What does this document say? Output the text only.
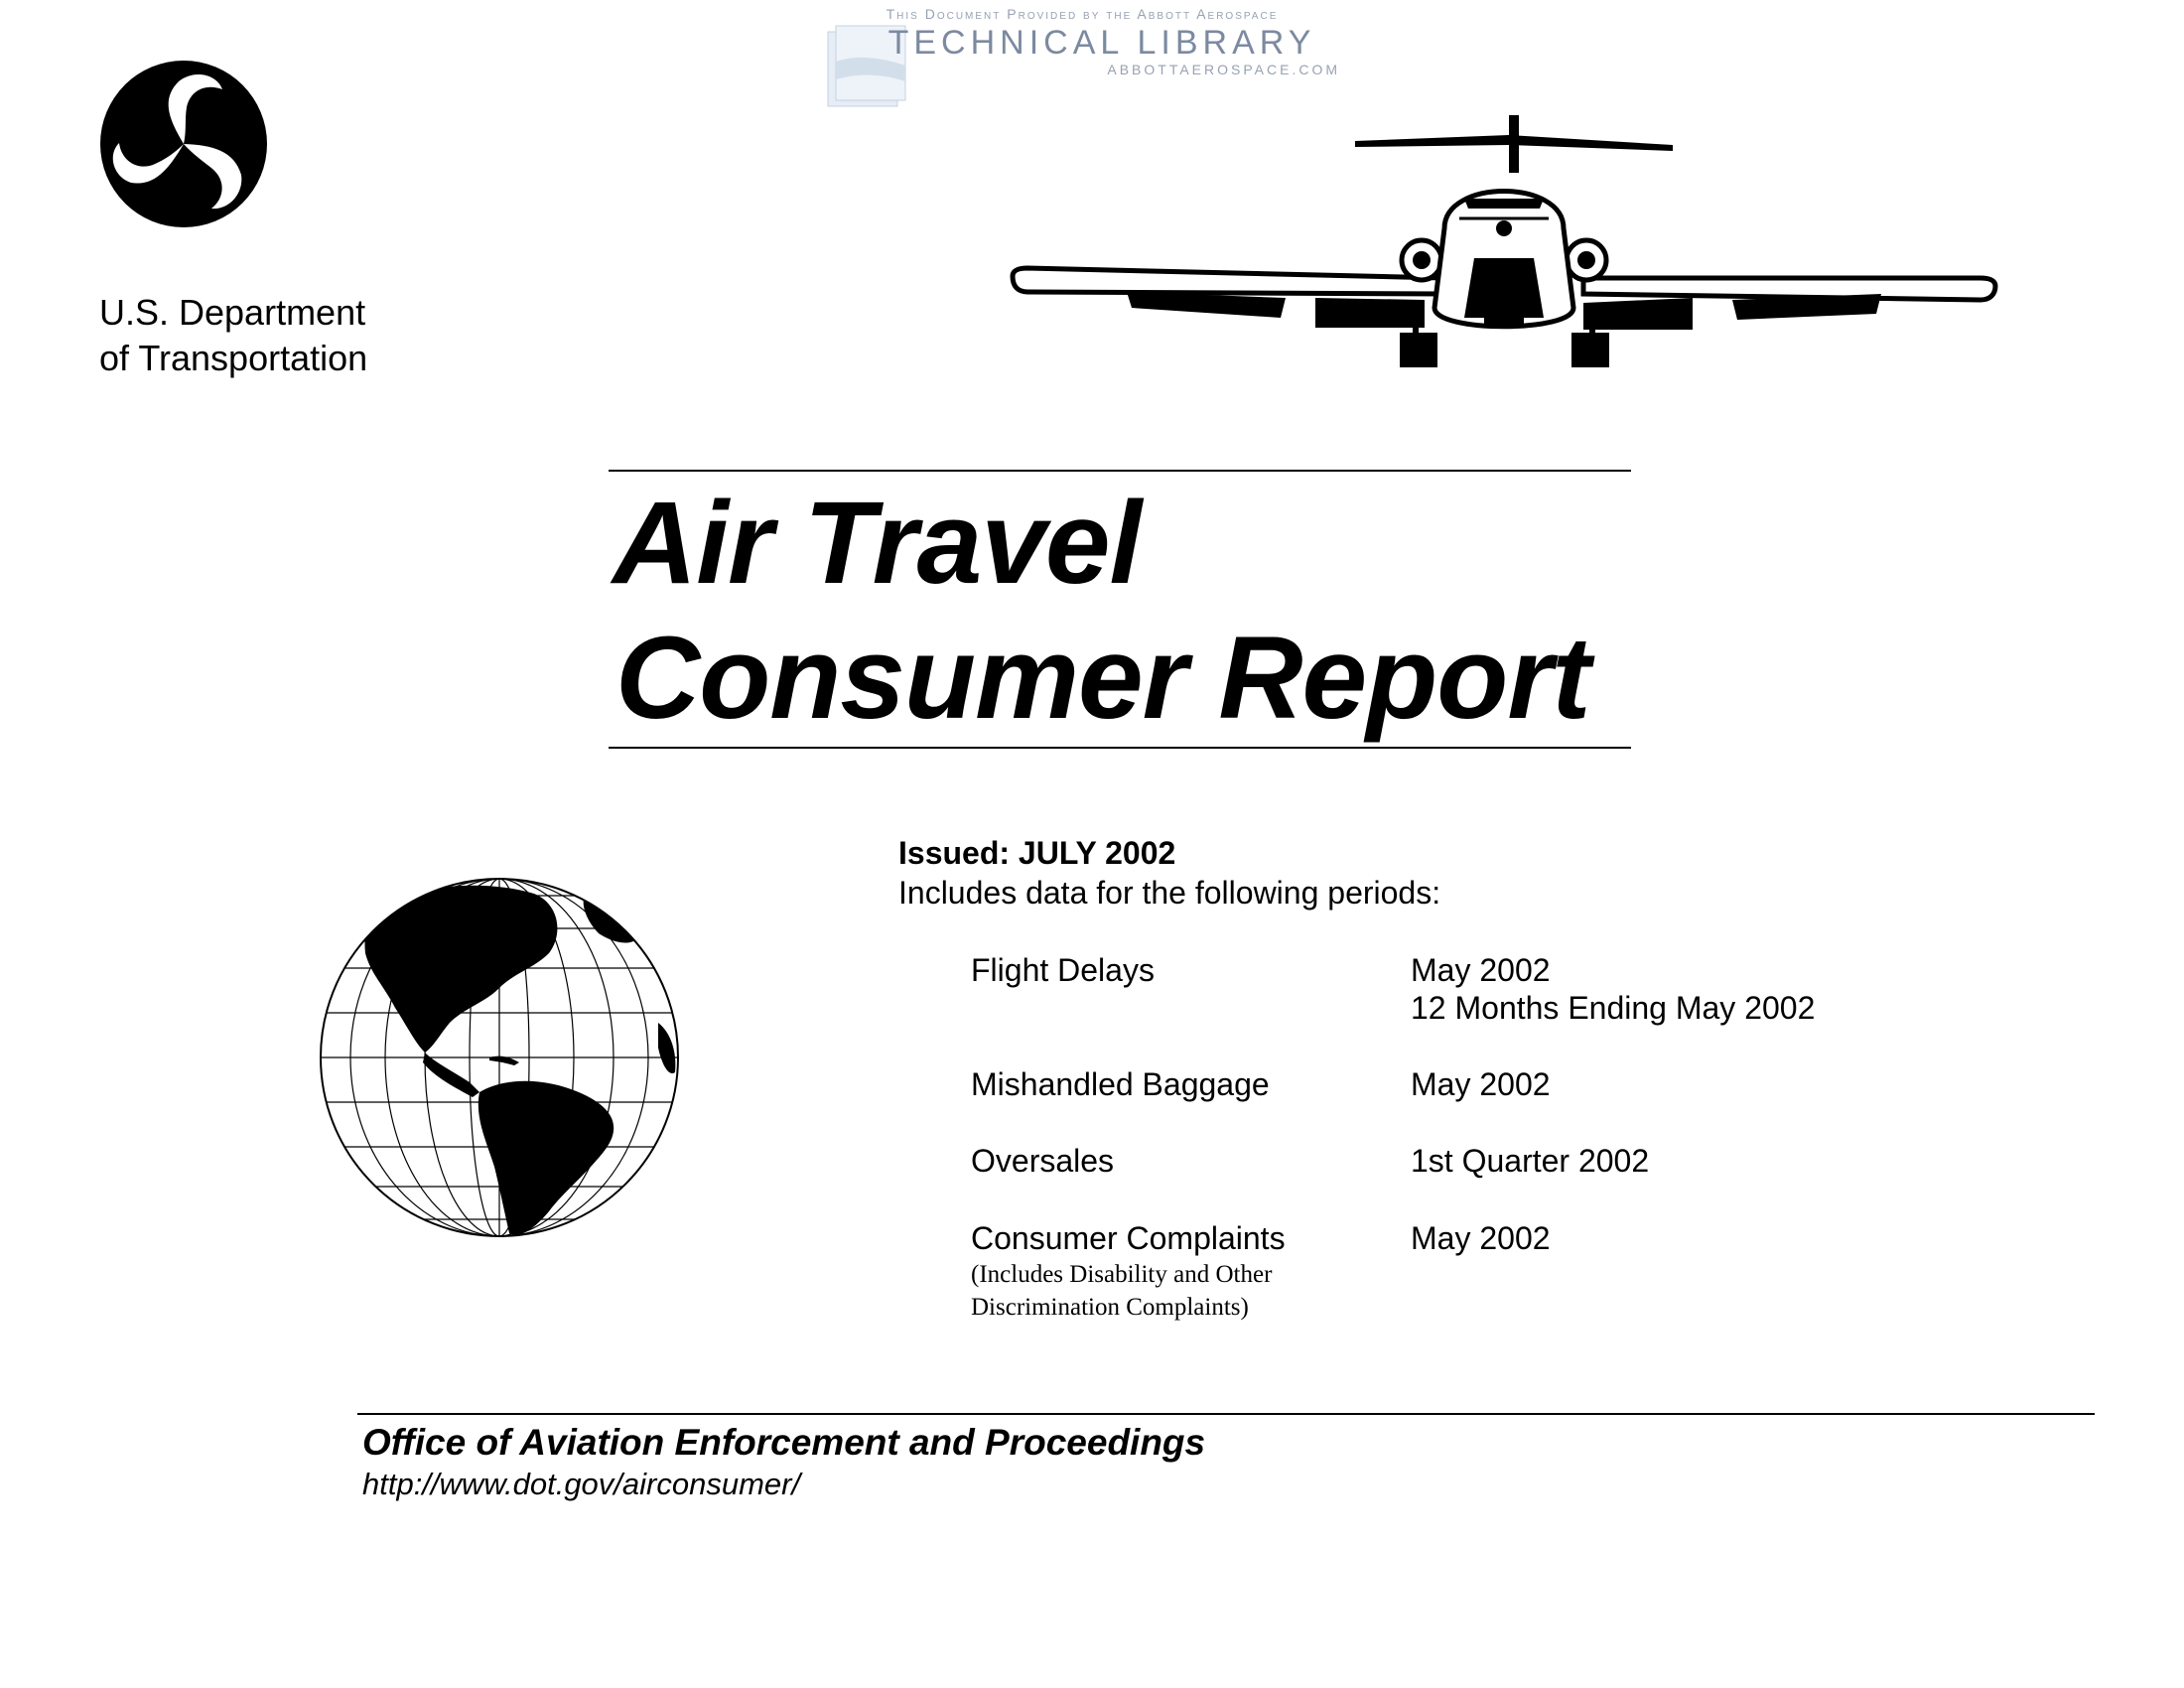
This Document Provided by the Abbott Aerospace
TECHNICAL LIBRARY
ABBOTTAEROSPACE.COM
U.S. Department
of Transportation
Air Travel
Consumer Report
Issued: JULY 2002
Includes data for the following periods:
Flight Delays	May 2002
12 Months Ending May 2002
Mishandled Baggage	May 2002
Oversales	1st Quarter 2002
Consumer Complaints	May 2002
(Includes Disability and Other
Discrimination Complaints)
Office of Aviation Enforcement and Proceedings
http://www.dot.gov/airconsumer/
